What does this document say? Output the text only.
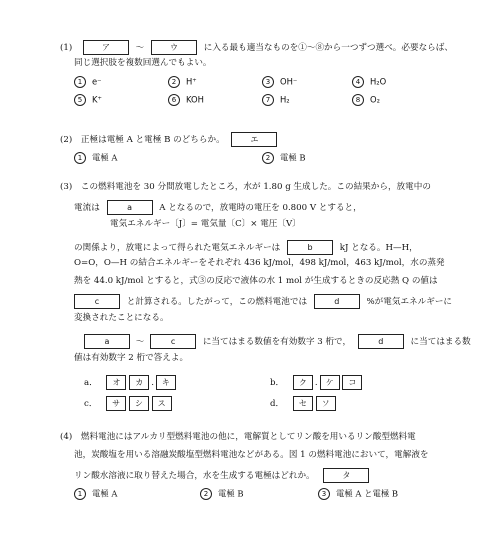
(1)	ア	〜	ウ	に入る最も適当なものを①〜⑧から一つずつ選べ。必要ならば、
同じ選択肢を複数回選んでもよい。
1 e⁻	2 H⁺	3 OH⁻	4 H₂O
5 K⁺	6 KOH	7 H₂	8 O₂
(2) 正極は電極 A と電極 B のどちらか。	エ
1 電極 A	2 電極 B
(3) この燃料電池を 30 分間放電したところ，水が 1.80 g 生成した。この結果から，放電中の
電流は	a	A となるので，放電時の電圧を 0.800 V とすると，
電気エネルギー〔J〕= 電気量〔C〕× 電圧〔V〕
の関係より，放電によって得られた電気エネルギーは	b	kJ となる。H—H，
O=O，O—H の結合エネルギーをそれぞれ 436 kJ/mol，498 kJ/mol，463 kJ/mol，水の蒸発
熱を 44.0 kJ/mol とすると，式③の反応で液体の水 1 mol が生成するときの反応熱 Q の値は
c	と計算される。したがって，この燃料電池では	d	%が電気エネルギーに
変換されたことになる。
a	〜	c	に当てはまる数値を有効数字 3 桁で，	d	に当てはまる数
値は有効数字 2 桁で答えよ。
a． オ カ . キ	b． ク . ケ コ
c． サ シ ス	d． セ ソ
(4) 燃料電池にはアルカリ型燃料電池の他に，電解質としてリン酸を用いるリン酸型燃料電
池，炭酸塩を用いる溶融炭酸塩型燃料電池などがある。図 1 の燃料電池において，電解液を
リン酸水溶液に取り替えた場合，水を生成する電極はどれか。	タ
1 電極 A	2 電極 B	3 電極 A と電極 B
